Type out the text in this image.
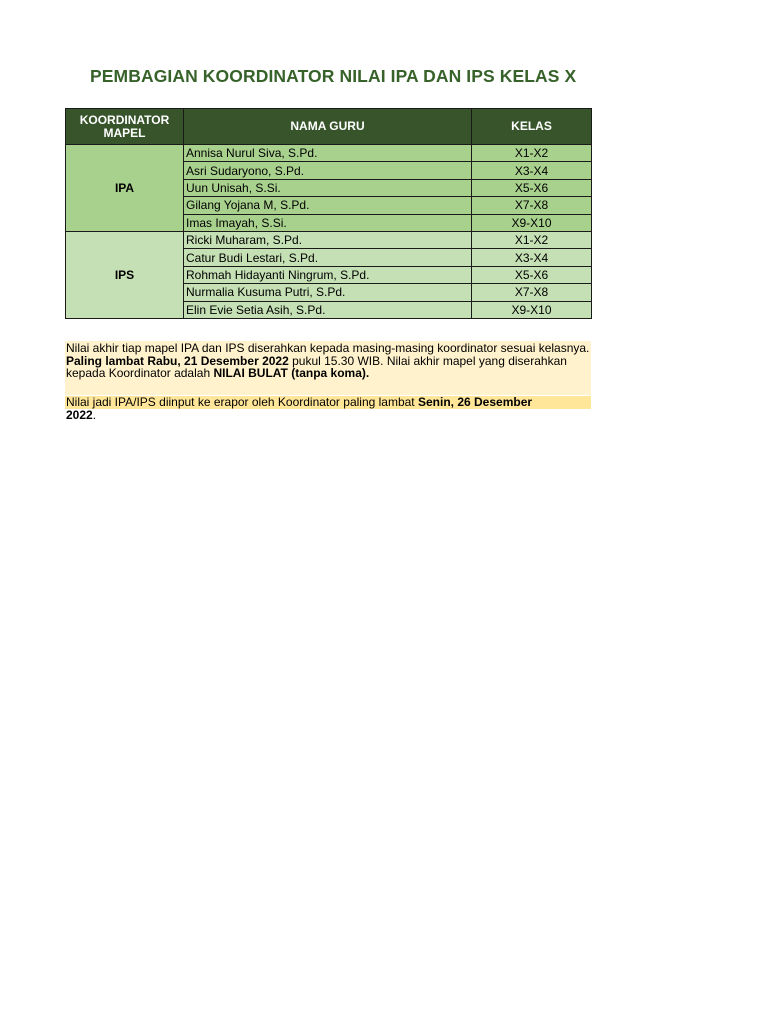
PEMBAGIAN KOORDINATOR NILAI IPA DAN IPS KELAS X
KOORDINATOR
MAPEL	NAMA GURU	KELAS
IPA	Annisa Nurul Siva, S.Pd.	X1-X2
	Asri Sudaryono, S.Pd.	X3-X4
	Uun Unisah, S.Si.	X5-X6
	Gilang Yojana M, S.Pd.	X7-X8
	Imas Imayah, S.Si.	X9-X10
IPS	Ricki Muharam, S.Pd.	X1-X2
	Catur Budi Lestari, S.Pd.	X3-X4
	Rohmah Hidayanti Ningrum, S.Pd.	X5-X6
	Nurmalia Kusuma Putri, S.Pd.	X7-X8
	Elin Evie Setia Asih, S.Pd.	X9-X10
Nilai akhir tiap mapel IPA dan IPS diserahkan kepada masing-masing koordinator sesuai kelasnya. Paling lambat Rabu, 21 Desember 2022 pukul 15.30 WIB. Nilai akhir mapel yang diserahkan kepada Koordinator adalah NILAI BULAT (tanpa koma).
Nilai jadi IPA/IPS diinput ke erapor oleh Koordinator paling lambat Senin, 26 Desember
2022.
